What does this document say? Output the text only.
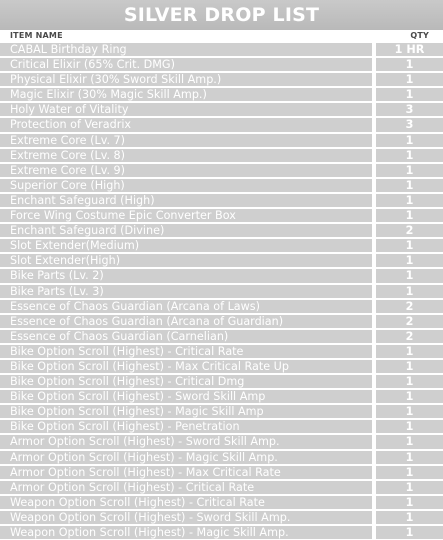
SILVER DROP LIST
ITEM NAME	QTY
CABAL Birthday Ring	1 HR
Critical Elixir (65% Crit. DMG)	1
Physical Elixir (30% Sword Skill Amp.)	1
Magic Elixir (30% Magic Skill Amp.)	1
Holy Water of Vitality	3
Protection of Veradrix	3
Extreme Core (Lv. 7)	1
Extreme Core (Lv. 8)	1
Extreme Core (Lv. 9)	1
Superior Core (High)	1
Enchant Safeguard (High)	1
Force Wing Costume Epic Converter Box	1
Enchant Safeguard (Divine)	2
Slot Extender(Medium)	1
Slot Extender(High)	1
Bike Parts (Lv. 2)	1
Bike Parts (Lv. 3)	1
Essence of Chaos Guardian (Arcana of Laws)	2
Essence of Chaos Guardian (Arcana of Guardian)	2
Essence of Chaos Guardian (Carnelian)	2
Bike Option Scroll (Highest) - Critical Rate	1
Bike Option Scroll (Highest) - Max Critical Rate Up	1
Bike Option Scroll (Highest) - Critical Dmg	1
Bike Option Scroll (Highest) - Sword Skill Amp	1
Bike Option Scroll (Highest) - Magic Skill Amp	1
Bike Option Scroll (Highest) - Penetration	1
Armor Option Scroll (Highest) - Sword Skill Amp.	1
Armor Option Scroll (Highest) - Magic Skill Amp.	1
Armor Option Scroll (Highest) - Max Critical Rate	1
Armor Option Scroll (Highest) - Critical Rate	1
Weapon Option Scroll (Highest) - Critical Rate	1
Weapon Option Scroll (Highest) - Sword Skill Amp.	1
Weapon Option Scroll (Highest) - Magic Skill Amp.	1
